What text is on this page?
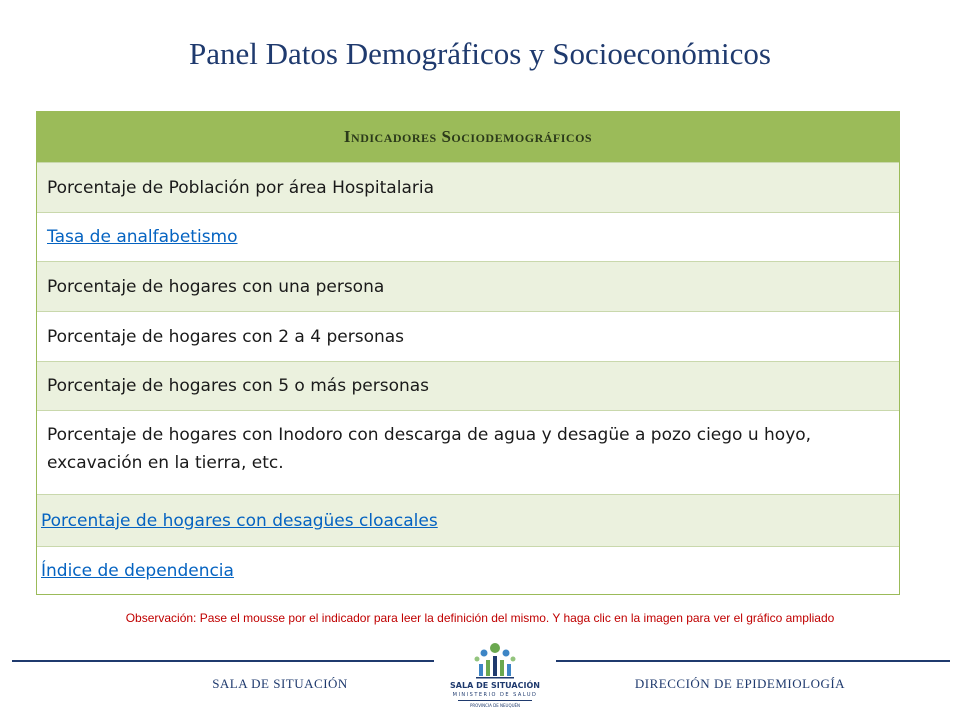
Panel Datos Demográficos y Socioeconómicos
Indicadores Sociodemográficos
Porcentaje de Población por área Hospitalaria
Tasa de analfabetismo
Porcentaje de hogares con una persona
Porcentaje de hogares con 2 a 4 personas
Porcentaje de hogares con 5 o más personas
Porcentaje de hogares con Inodoro con descarga de agua y desagüe a pozo ciego u hoyo, excavación en la tierra, etc.
Porcentaje de hogares con desagües cloacales
Índice de dependencia
Observación: Pase el mousse por el indicador para leer la definición del mismo. Y haga clic en la imagen para ver el gráfico ampliado
SALA DE SITUACIÓN	SALA DE SITUACIÓN
MINISTERIO DE SALUD
PROVINCIA DE NEUQUÉN
DIRECCIÓN DE EPIDEMIOLOGÍA
